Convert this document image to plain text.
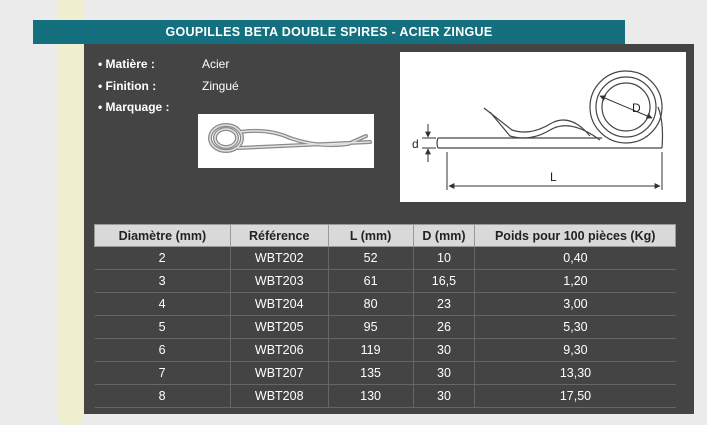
GOUPILLES BETA DOUBLE SPIRES - ACIER ZINGUE
• Matière :	Acier
• Finition :	Zingué
• Marquage :
d
D
L
Diamètre (mm)	Référence	L (mm)	D (mm)	Poids pour 100 pièces (Kg)
2	WBT202	52	10	0,40
3	WBT203	61	16,5	1,20
4	WBT204	80	23	3,00
5	WBT205	95	26	5,30
6	WBT206	119	30	9,30
7	WBT207	135	30	13,30
8	WBT208	130	30	17,50
